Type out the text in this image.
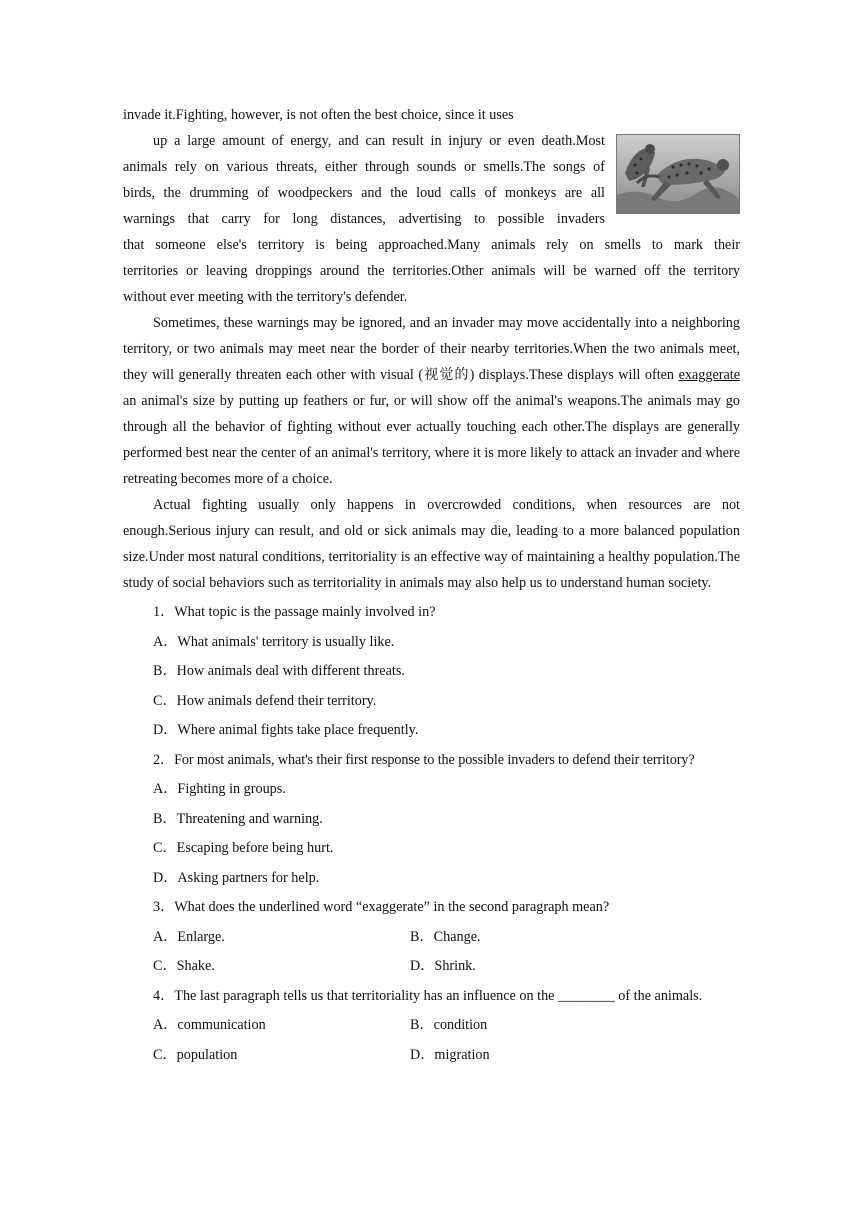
invade it.Fighting, however, is not often the best choice, since it uses
up a large amount of energy, and can result in injury or even death.Most
animals rely on various threats, either through sounds or smells.The songs of
birds, the drumming of woodpeckers and the loud calls of monkeys are all
warnings that carry for long distances, advertising to possible invaders
that someone else's territory is being approached.Many animals rely on smells to mark their
territories or leaving droppings around the territories.Other animals will be warned off the territory
without ever meeting with the territory's defender.
Sometimes, these warnings may be ignored, and an invader may move accidentally into a neighboring territory, or two animals may meet near the border of their nearby territories.When the two animals meet, they will generally threaten each other with visual (视觉的) displays.These displays will often exaggerate an animal's size by putting up feathers or fur, or will show off the animal's weapons.The animals may go through all the behavior of fighting without ever actually touching each other.The displays are generally performed best near the center of an animal's territory, where it is more likely to attack an invader and where retreating becomes more of a choice.
Actual fighting usually only happens in overcrowded conditions, when resources are not enough.Serious injury can result, and old or sick animals may die, leading to a more balanced population size.Under most natural conditions, territoriality is an effective way of maintaining a healthy population.The study of social behaviors such as territoriality in animals may also help us to understand human society.
1．What topic is the passage mainly involved in?
A．What animals' territory is usually like.
B．How animals deal with different threats.
C．How animals defend their territory.
D．Where animal fights take place frequently.
2．For most animals, what's their first response to the possible invaders to defend their territory?
A．Fighting in groups.
B．Threatening and warning.
C．Escaping before being hurt.
D．Asking partners for help.
3．What does the underlined word “exaggerate” in the second paragraph mean?
A．Enlarge.	B．Change.
C．Shake.	D．Shrink.
4．The last paragraph tells us that territoriality has an influence on the ________ of the animals.
A．communication	B．condition
C．population	D．migration
